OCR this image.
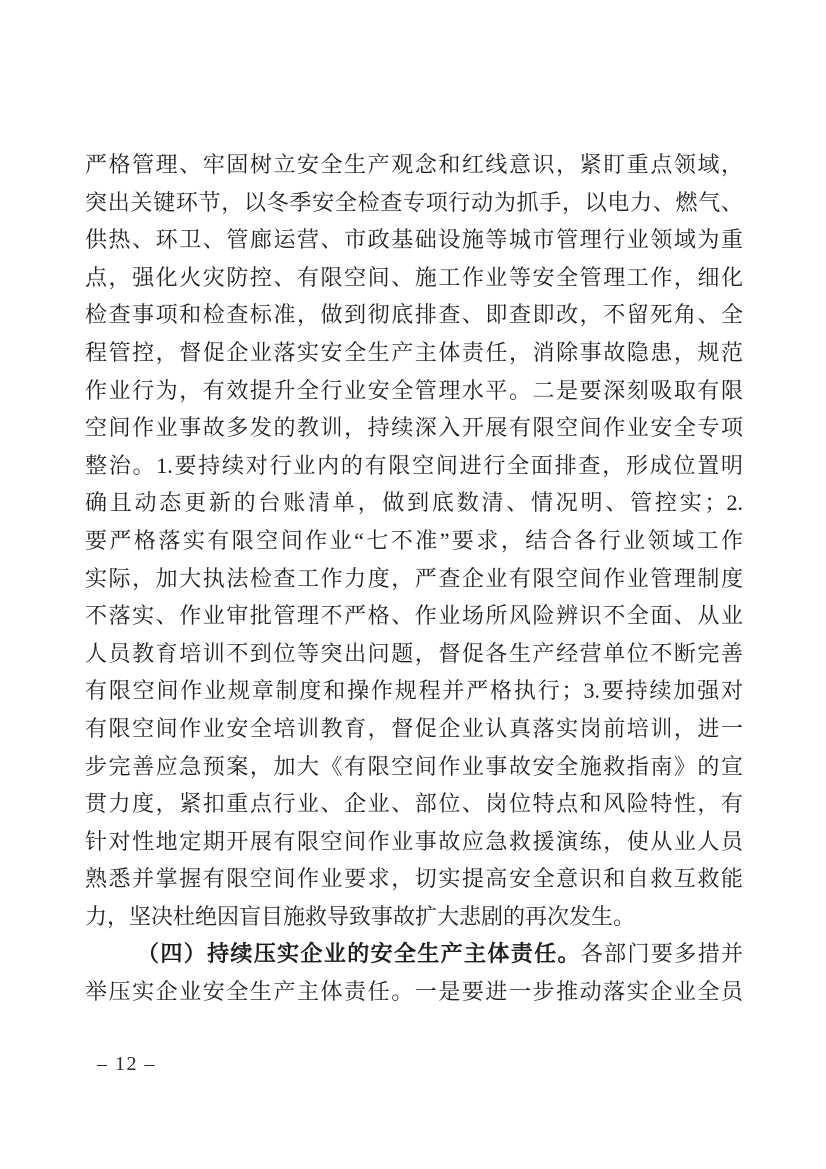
严格管理、牢固树立安全生产观念和红线意识，紧盯重点领域，

突出关键环节，以冬季安全检查专项行动为抓手，以电力、燃气、

供热、环卫、管廊运营、市政基础设施等城市管理行业领域为重

点，强化火灾防控、有限空间、施工作业等安全管理工作，细化

检查事项和检查标准，做到彻底排查、即查即改，不留死角、全

程管控，督促企业落实安全生产主体责任，消除事故隐患，规范

作业行为，有效提升全行业安全管理水平。二是要深刻吸取有限

空间作业事故多发的教训，持续深入开展有限空间作业安全专项

整治。1.要持续对行业内的有限空间进行全面排查，形成位置明

确且动态更新的台账清单，做到底数清、情况明、管控实；2.

要严格落实有限空间作业“七不准”要求，结合各行业领域工作

实际，加大执法检查工作力度，严查企业有限空间作业管理制度

不落实、作业审批管理不严格、作业场所风险辨识不全面、从业

人员教育培训不到位等突出问题，督促各生产经营单位不断完善

有限空间作业规章制度和操作规程并严格执行；3.要持续加强对

有限空间作业安全培训教育，督促企业认真落实岗前培训，进一

步完善应急预案，加大《有限空间作业事故安全施救指南》的宣

贯力度，紧扣重点行业、企业、部位、岗位特点和风险特性，有

针对性地定期开展有限空间作业事故应急救援演练，使从业人员

熟悉并掌握有限空间作业要求，切实提高安全意识和自救互救能

力，坚决杜绝因盲目施救导致事故扩大悲剧的再次发生。

（四）持续压实企业的安全生产主体责任。各部门要多措并

举压实企业安全生产主体责任。一是要进一步推动落实企业全员

– 12 –
